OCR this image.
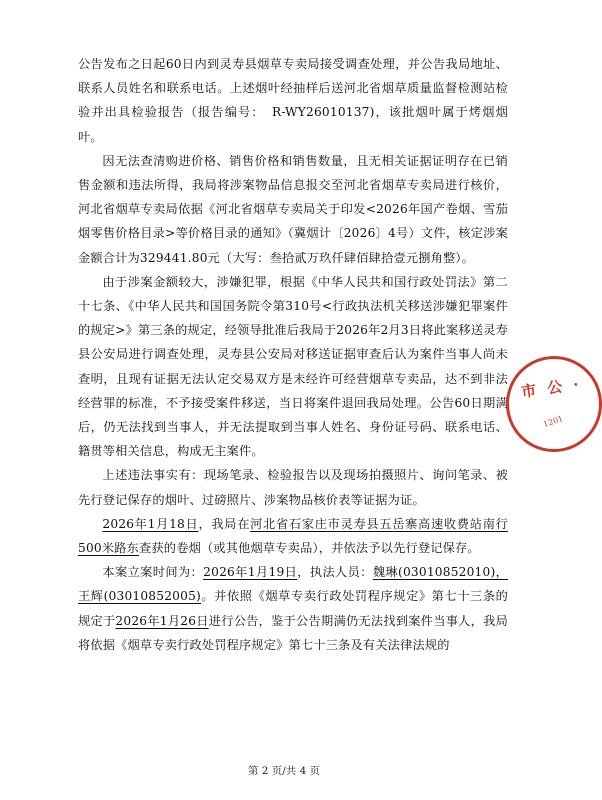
公告发布之日起60日内到灵寿县烟草专卖局接受调查处理，并公告我局地址、联系人员姓名和联系电话。上述烟叶经抽样后送河北省烟草质量监督检测站检验并出具检验报告（报告编号：　R-WY26010137)，该批烟叶属于烤烟烟叶。

因无法查清购进价格、销售价格和销售数量，且无相关证据证明存在已销售金额和违法所得，我局将涉案物品信息报交至河北省烟草专卖局进行核价，河北省烟草专卖局依据《河北省烟草专卖局关于印发<2026年国产卷烟、雪茄烟零售价格目录>等价格目录的通知》（冀烟计〔2026〕4号）文件，核定涉案金额合计为329441.80元（大写：叁拾贰万玖仟肆佰肆拾壹元捌角整）。

由于涉案金额较大，涉嫌犯罪，根据《中华人民共和国行政处罚法》第二十七条、《中华人民共和国国务院令第310号<行政执法机关移送涉嫌犯罪案件的规定>》第三条的规定，经领导批准后我局于2026年2月3日将此案移送灵寿县公安局进行调查处理，灵寿县公安局对移送证据审查后认为案件当事人尚未查明，且现有证据无法认定交易双方是未经许可经营烟草专卖品，达不到非法经营罪的标准，不予接受案件移送，当日将案件退回我局处理。公告60日期满后，仍无法找到当事人，并无法提取到当事人姓名、身份证号码、联系电话、籍贯等相关信息，构成无主案件。

上述违法事实有：现场笔录、检验报告以及现场拍摄照片、询问笔录、被先行登记保存的烟叶、过磅照片、涉案物品核价表等证据为证。

2026年1月18日，我局在河北省石家庄市灵寿县五岳寨高速收费站南行500米路东查获的卷烟（或其他烟草专卖品），并依法予以先行登记保存。

本案立案时间为：2026年1月19日，执法人员：魏琳(03010852010)，王辉(03010852005)。并依照《烟草专卖行政处罚程序规定》第七十三条的规定于2026年1月26日进行公告，鉴于公告期满仍无法找到案件当事人，我局将依据《烟草专卖行政处罚程序规定》第七十三条及有关法律法规的

市 公 ·
1201
第 2 页/共 4 页
